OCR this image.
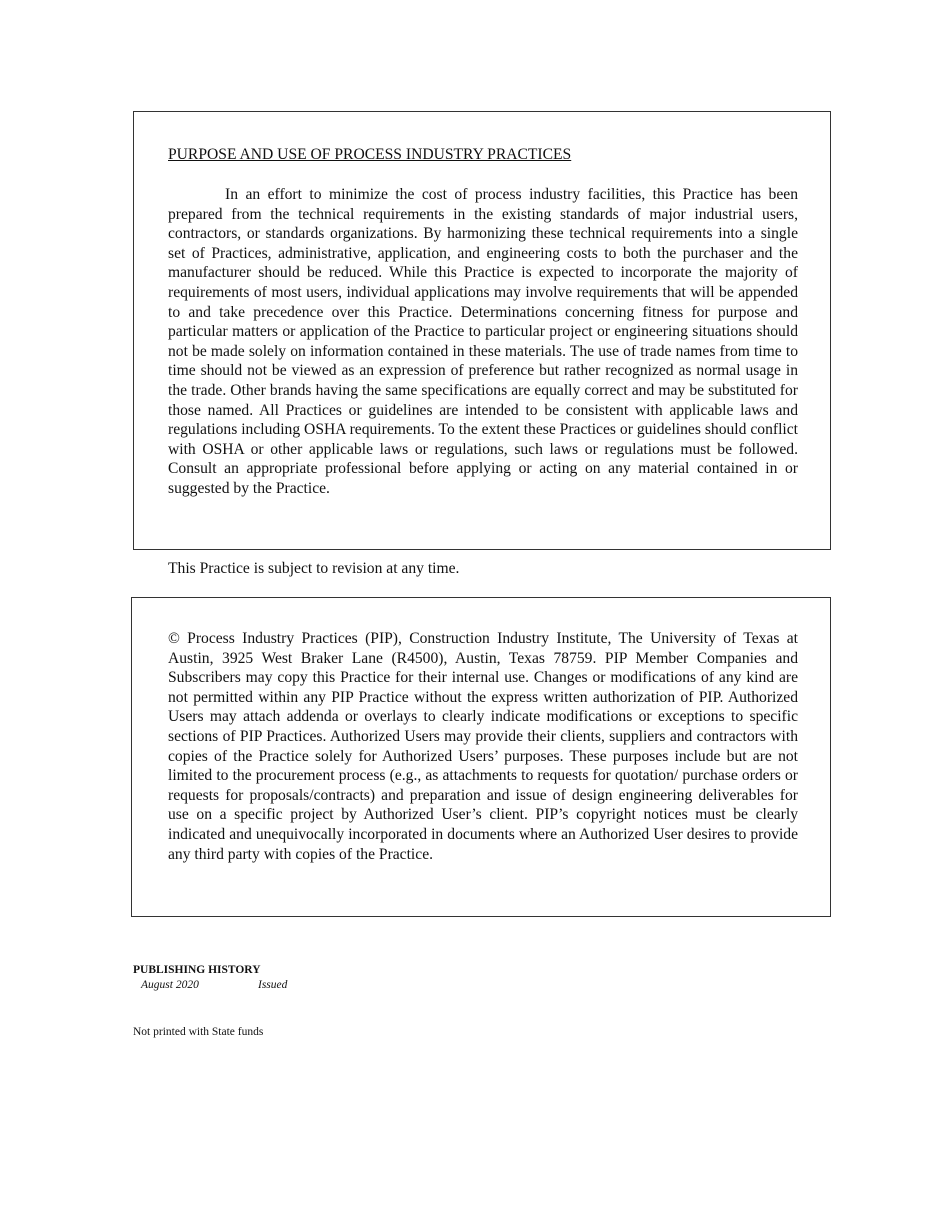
PURPOSE AND USE OF PROCESS INDUSTRY PRACTICES

In an effort to minimize the cost of process industry facilities, this Practice has been prepared from the technical requirements in the existing standards of major industrial users, contractors, or standards organizations. By harmonizing these technical requirements into a single set of Practices, administrative, application, and engineering costs to both the purchaser and the manufacturer should be reduced. While this Practice is expected to incorporate the majority of requirements of most users, individual applications may involve requirements that will be appended to and take precedence over this Practice. Determinations concerning fitness for purpose and particular matters or application of the Practice to particular project or engineering situations should not be made solely on information contained in these materials. The use of trade names from time to time should not be viewed as an expression of preference but rather recognized as normal usage in the trade. Other brands having the same specifications are equally correct and may be substituted for those named. All Practices or guidelines are intended to be consistent with applicable laws and regulations including OSHA requirements. To the extent these Practices or guidelines should conflict with OSHA or other applicable laws or regulations, such laws or regulations must be followed. Consult an appropriate professional before applying or acting on any material contained in or suggested by the Practice.

This Practice is subject to revision at any time.

© Process Industry Practices (PIP), Construction Industry Institute, The University of Texas at Austin, 3925 West Braker Lane (R4500), Austin, Texas 78759. PIP Member Companies and Subscribers may copy this Practice for their internal use. Changes or modifications of any kind are not permitted within any PIP Practice without the express written authorization of PIP. Authorized Users may attach addenda or overlays to clearly indicate modifications or exceptions to specific sections of PIP Practices. Authorized Users may provide their clients, suppliers and contractors with copies of the Practice solely for Authorized Users’ purposes. These purposes include but are not limited to the procurement process (e.g., as attachments to requests for quotation/ purchase orders or requests for proposals/contracts) and preparation and issue of design engineering deliverables for use on a specific project by Authorized User’s client. PIP’s copyright notices must be clearly indicated and unequivocally incorporated in documents where an Authorized User desires to provide any third party with copies of the Practice.

PUBLISHING HISTORY

August 2020	Issued

Not printed with State funds
